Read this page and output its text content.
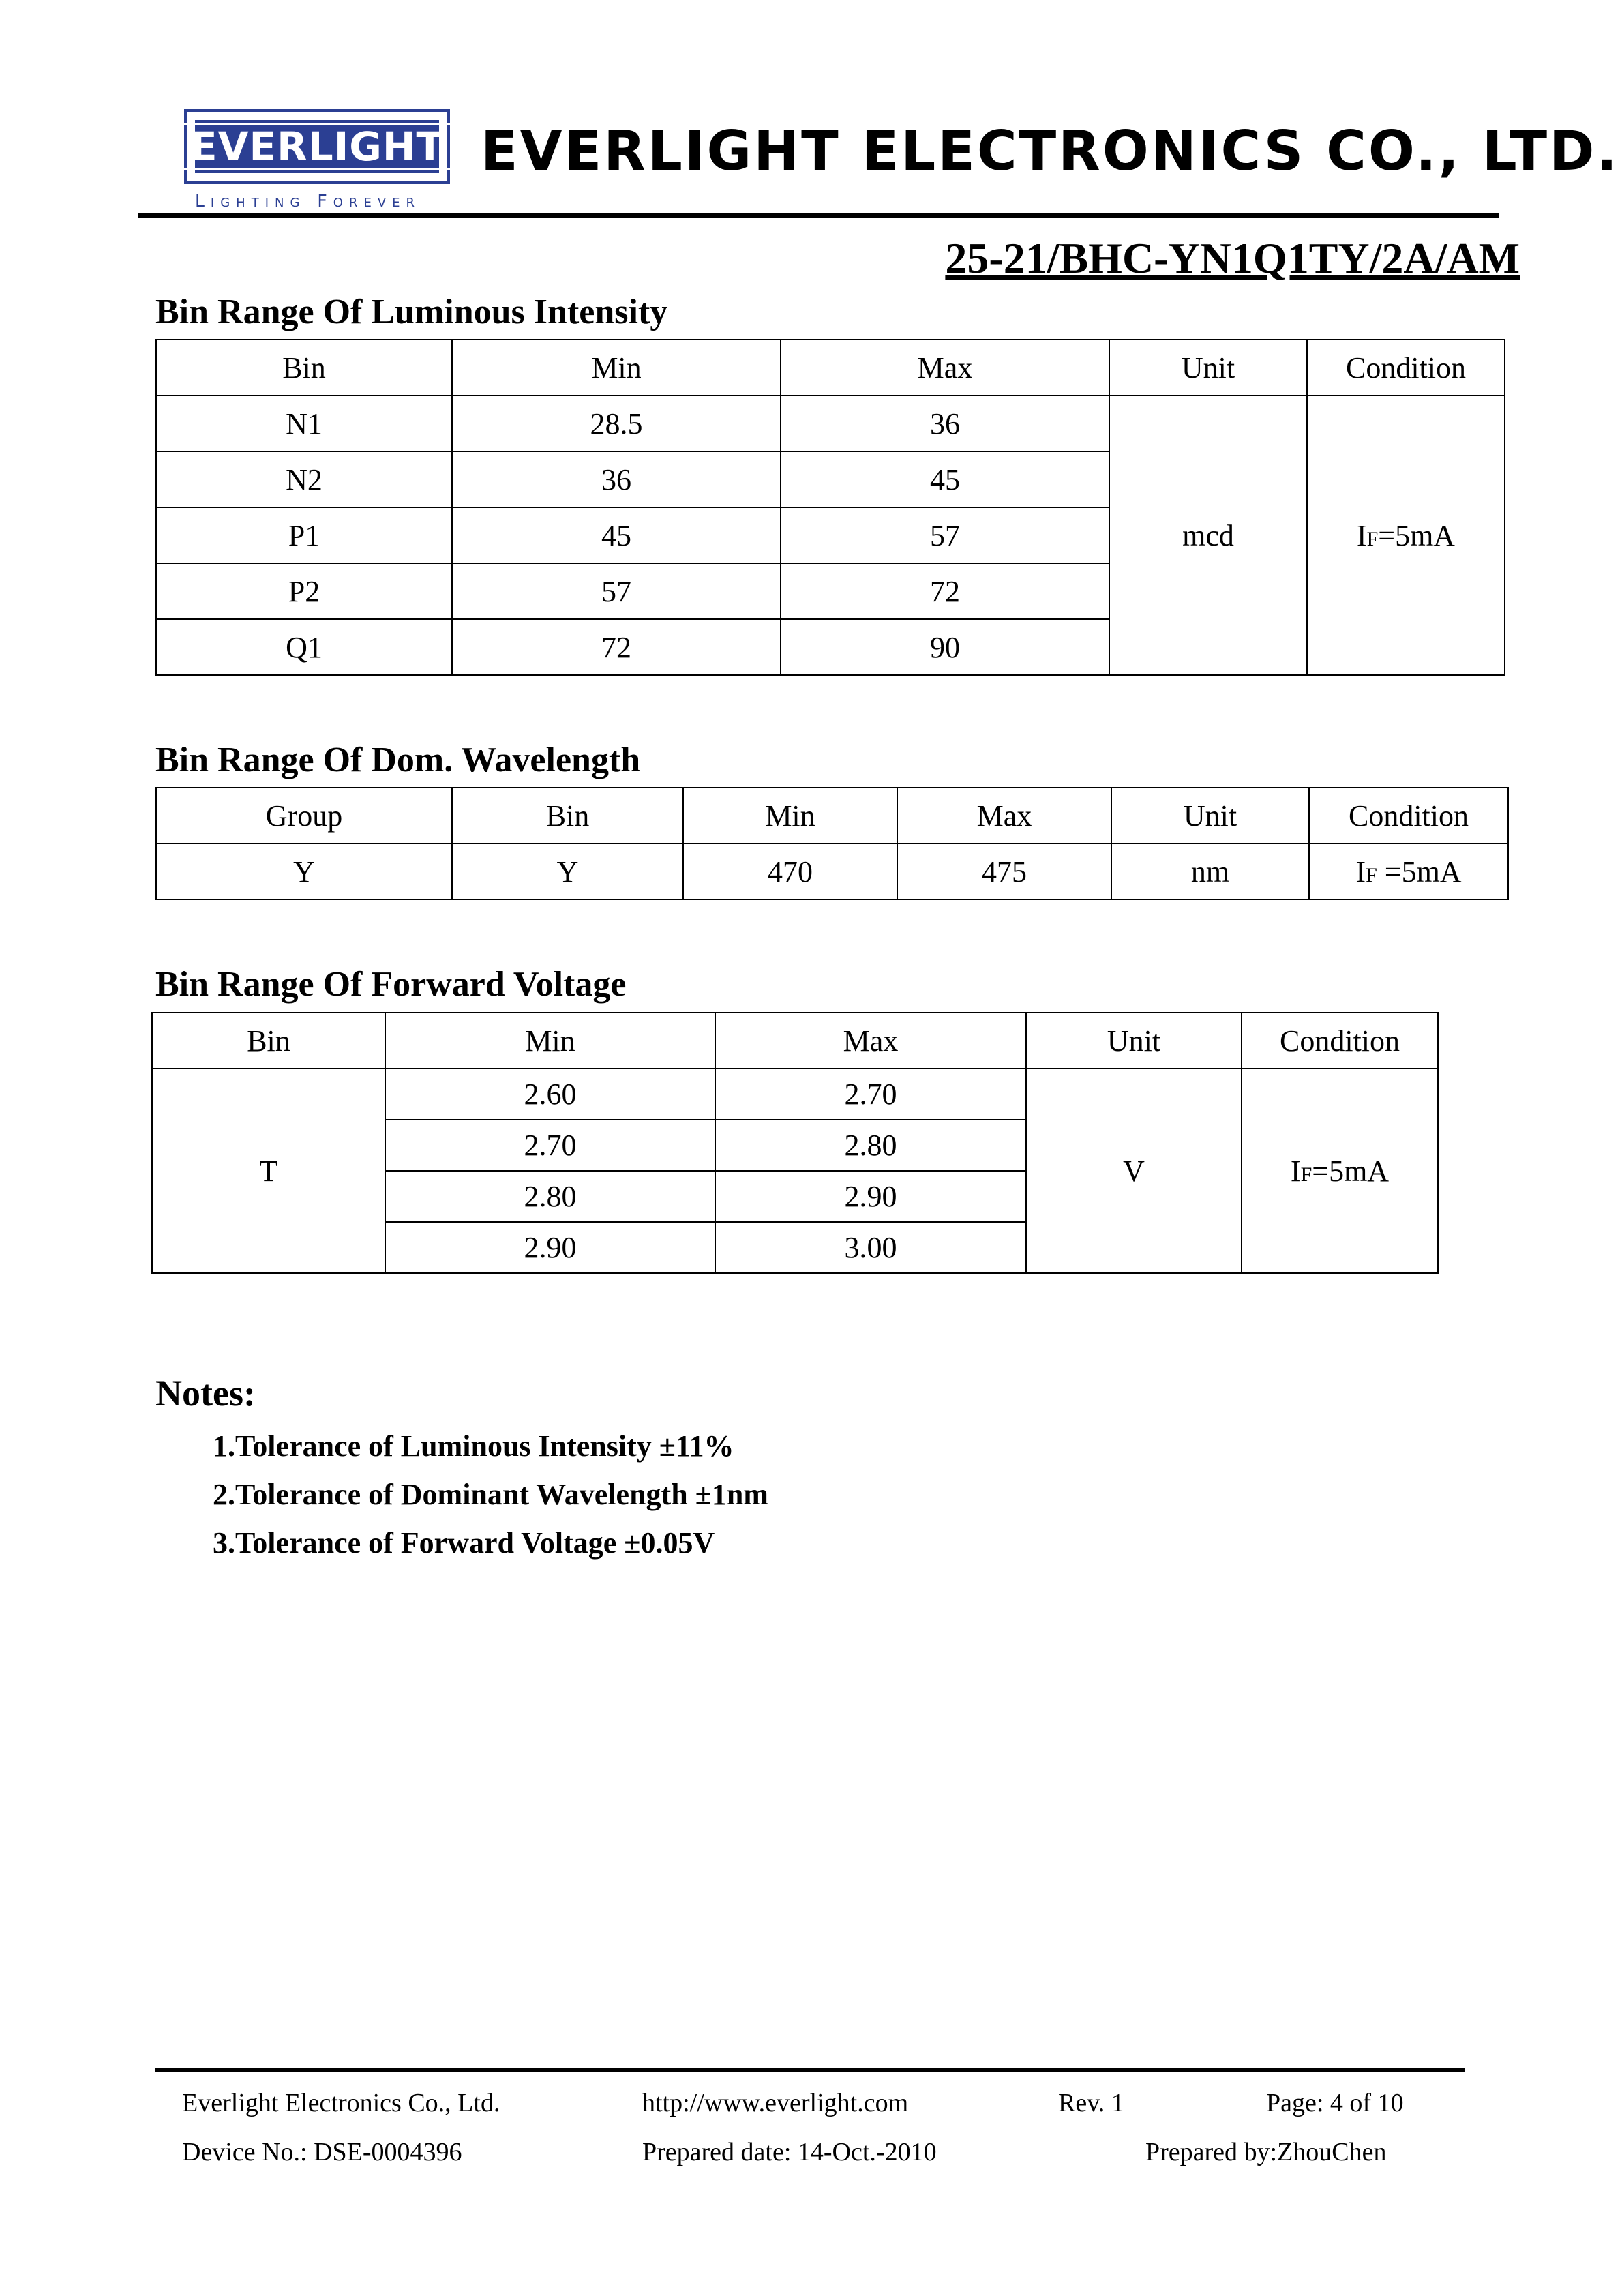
EVERLIGHT
Lighting Forever
EVERLIGHT ELECTRONICS CO., LTD.
25-21/BHC-YN1Q1TY/2A/AM
Bin Range Of Luminous Intensity
Bin	Min	Max	Unit	Condition
N1	28.5	36	mcd	IF=5mA
N2	36	45		
P1	45	57		
P2	57	72		
Q1	72	90		
Bin Range Of Dom. Wavelength
Group	Bin	Min	Max	Unit	Condition
Y	Y	470	475	nm	IF =5mA
Bin Range Of Forward Voltage
Bin	Min	Max	Unit	Condition
T	2.60	2.70	V	IF=5mA
	2.70	2.80		
	2.80	2.90		
	2.90	3.00		
Notes:
1.Tolerance of Luminous Intensity ±11%
2.Tolerance of Dominant Wavelength ±1nm
3.Tolerance of Forward Voltage ±0.05V
Everlight Electronics Co., Ltd.	http://www.everlight.com	Rev. 1	Page: 4 of 10
Device No.: DSE-0004396	Prepared date: 14-Oct.-2010	Prepared by:ZhouChen
